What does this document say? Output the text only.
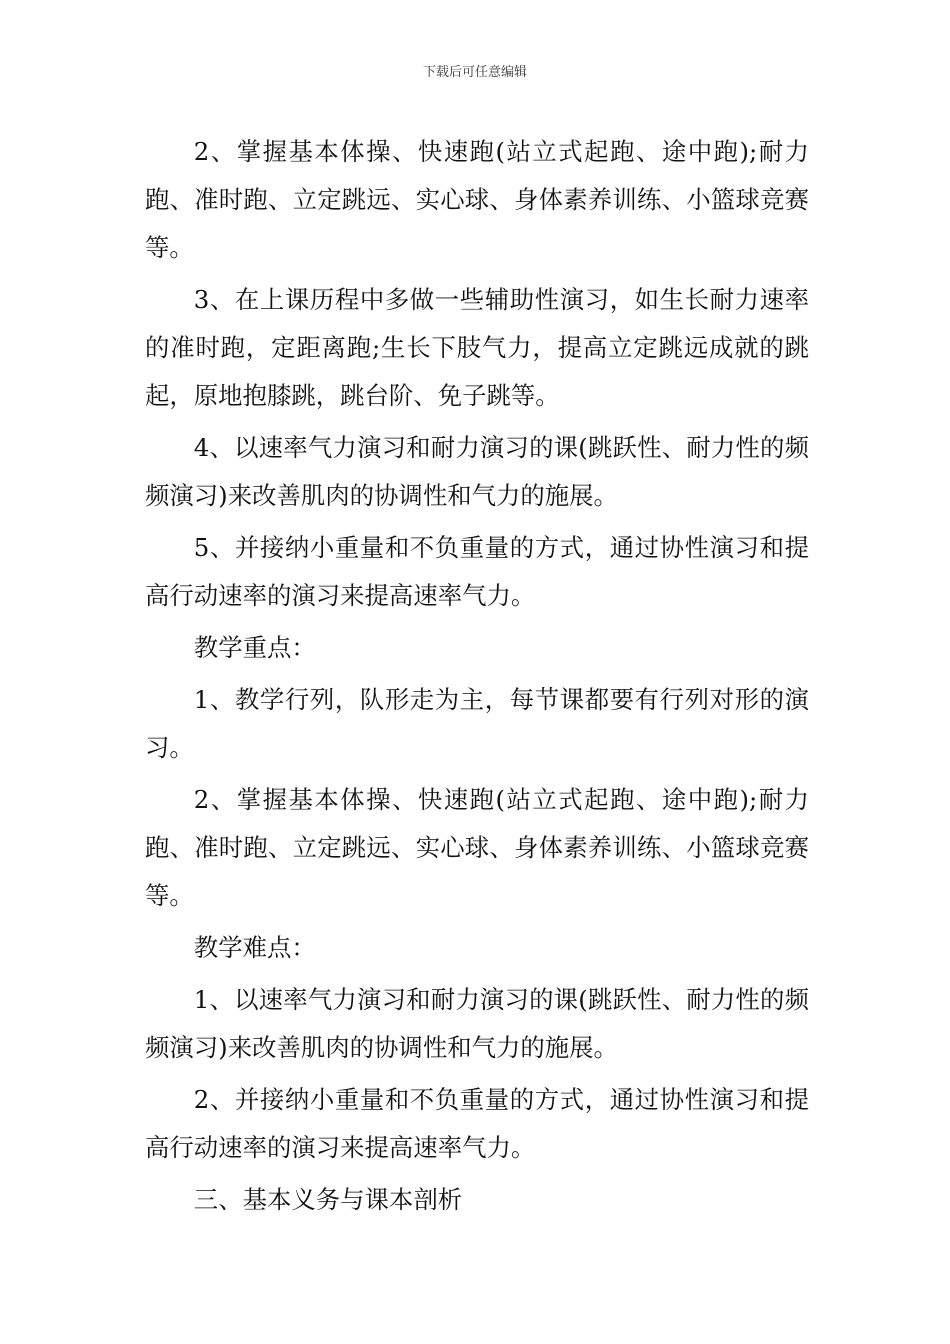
下载后可任意编辑

2、掌握基本体操、快速跑(站立式起跑、途中跑);耐力跑、准时跑、立定跳远、实心球、身体素养训练、小篮球竞赛等。

3、在上课历程中多做一些辅助性演习，如生长耐力速率的准时跑，定距离跑;生长下肢气力，提高立定跳远成就的跳起，原地抱膝跳，跳台阶、免子跳等。

4、以速率气力演习和耐力演习的课(跳跃性、耐力性的频频演习)来改善肌肉的协调性和气力的施展。

5、并接纳小重量和不负重量的方式，通过协性演习和提高行动速率的演习来提高速率气力。

教学重点：

1、教学行列，队形走为主，每节课都要有行列对形的演习。

2、掌握基本体操、快速跑(站立式起跑、途中跑);耐力跑、准时跑、立定跳远、实心球、身体素养训练、小篮球竞赛等。

教学难点：

1、以速率气力演习和耐力演习的课(跳跃性、耐力性的频频演习)来改善肌肉的协调性和气力的施展。

2、并接纳小重量和不负重量的方式，通过协性演习和提高行动速率的演习来提高速率气力。

三、基本义务与课本剖析
